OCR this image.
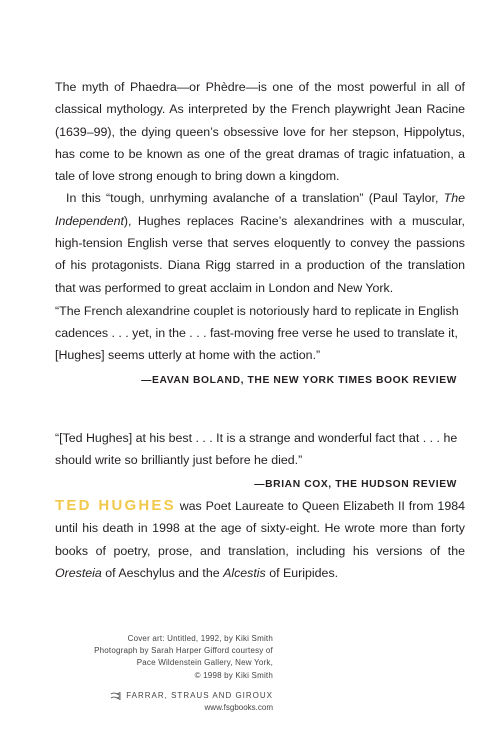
The myth of Phaedra—or Phèdre—is one of the most powerful in all of classical mythology. As interpreted by the French playwright Jean Racine (1639–99), the dying queen’s obsessive love for her stepson, Hippolytus, has come to be known as one of the great dramas of tragic infatuation, a tale of love strong enough to bring down a kingdom.

In this “tough, unrhyming avalanche of a translation” (Paul Taylor, The Independent), Hughes replaces Racine’s alexandrines with a muscular, high-tension English verse that serves eloquently to convey the passions of his protagonists. Diana Rigg starred in a production of the translation that was performed to great acclaim in London and New York.

“The French alexandrine couplet is notoriously hard to replicate in English cadences . . . yet, in the . . . fast-moving free verse he used to translate it, [Hughes] seems utterly at home with the action.”

—EAVAN BOLAND, THE NEW YORK TIMES BOOK REVIEW

“[Ted Hughes] at his best . . . It is a strange and wonderful fact that . . . he should write so brilliantly just before he died.”

—BRIAN COX, THE HUDSON REVIEW

TED HUGHES was Poet Laureate to Queen Elizabeth II from 1984 until his death in 1998 at the age of sixty-eight. He wrote more than forty books of poetry, prose, and translation, including his versions of the Oresteia of Aeschylus and the Alcestis of Euripides.

Cover art: Untitled, 1992, by Kiki Smith
Photograph by Sarah Harper Gifford courtesy of
Pace Wildenstein Gallery, New York,
© 1998 by Kiki Smith
FARRAR, STRAUS AND GIROUX
www.fsgbooks.com
